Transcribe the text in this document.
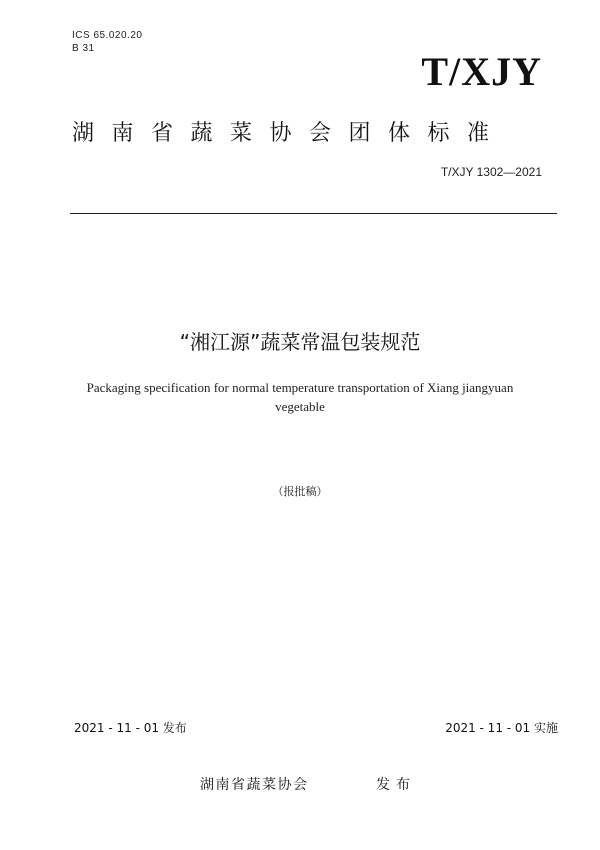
ICS 65.020.20
B 31
T/XJY
湖南省蔬菜协会团体标准
T/XJY 1302—2021
“湘江源”蔬菜常温包装规范
Packaging specification for normal temperature transportation of Xiang jiangyuan
vegetable
（报批稿）
2021 - 11 - 01 发布	2021 - 11 - 01 实施
湖南省蔬菜协会	发布
